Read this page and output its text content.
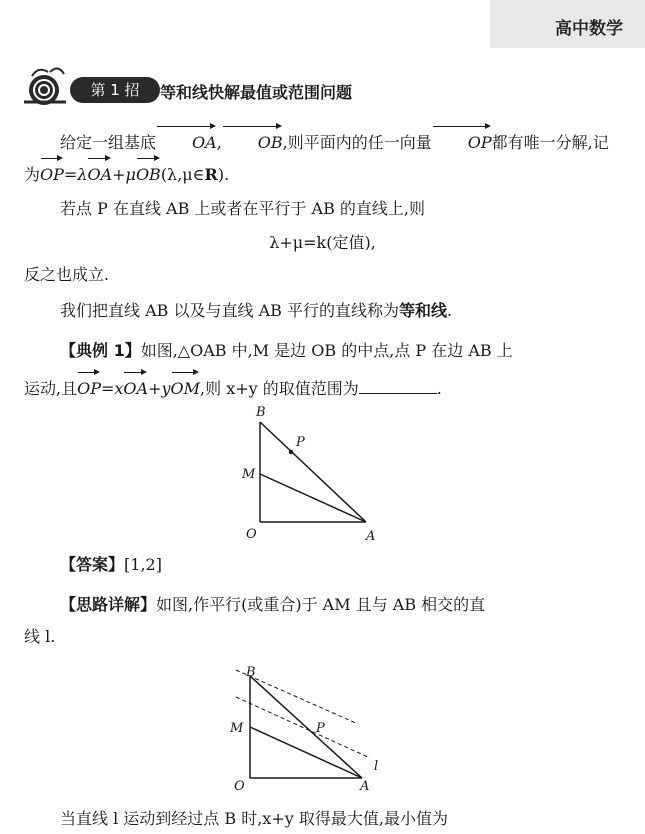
高中数学
第 1 招	等和线快解最值或范围问题

给定一组基底 OA, OB,则平面内的任一向量 OP都有唯一分解,记

为OP=λOA+μOB(λ,μ∈R).

若点 P 在直线 AB 上或者在平行于 AB 的直线上,则

λ+μ=k(定值),

反之也成立.

我们把直线 AB 以及与直线 AB 平行的直线称为等和线.

【典例 1】如图,△OAB 中,M 是边 OB 的中点,点 P 在边 AB 上

运动,且OP=xOA+yOM,则 x+y 的取值范围为	.

B
P
M
O	A

【答案】[1,2]

【思路详解】如图,作平行(或重合)于 AM 且与 AB 相交的直

线 l.

B
M	P
O	A
l

当直线 l 运动到经过点 B 时,x+y 取得最大值,最小值为
